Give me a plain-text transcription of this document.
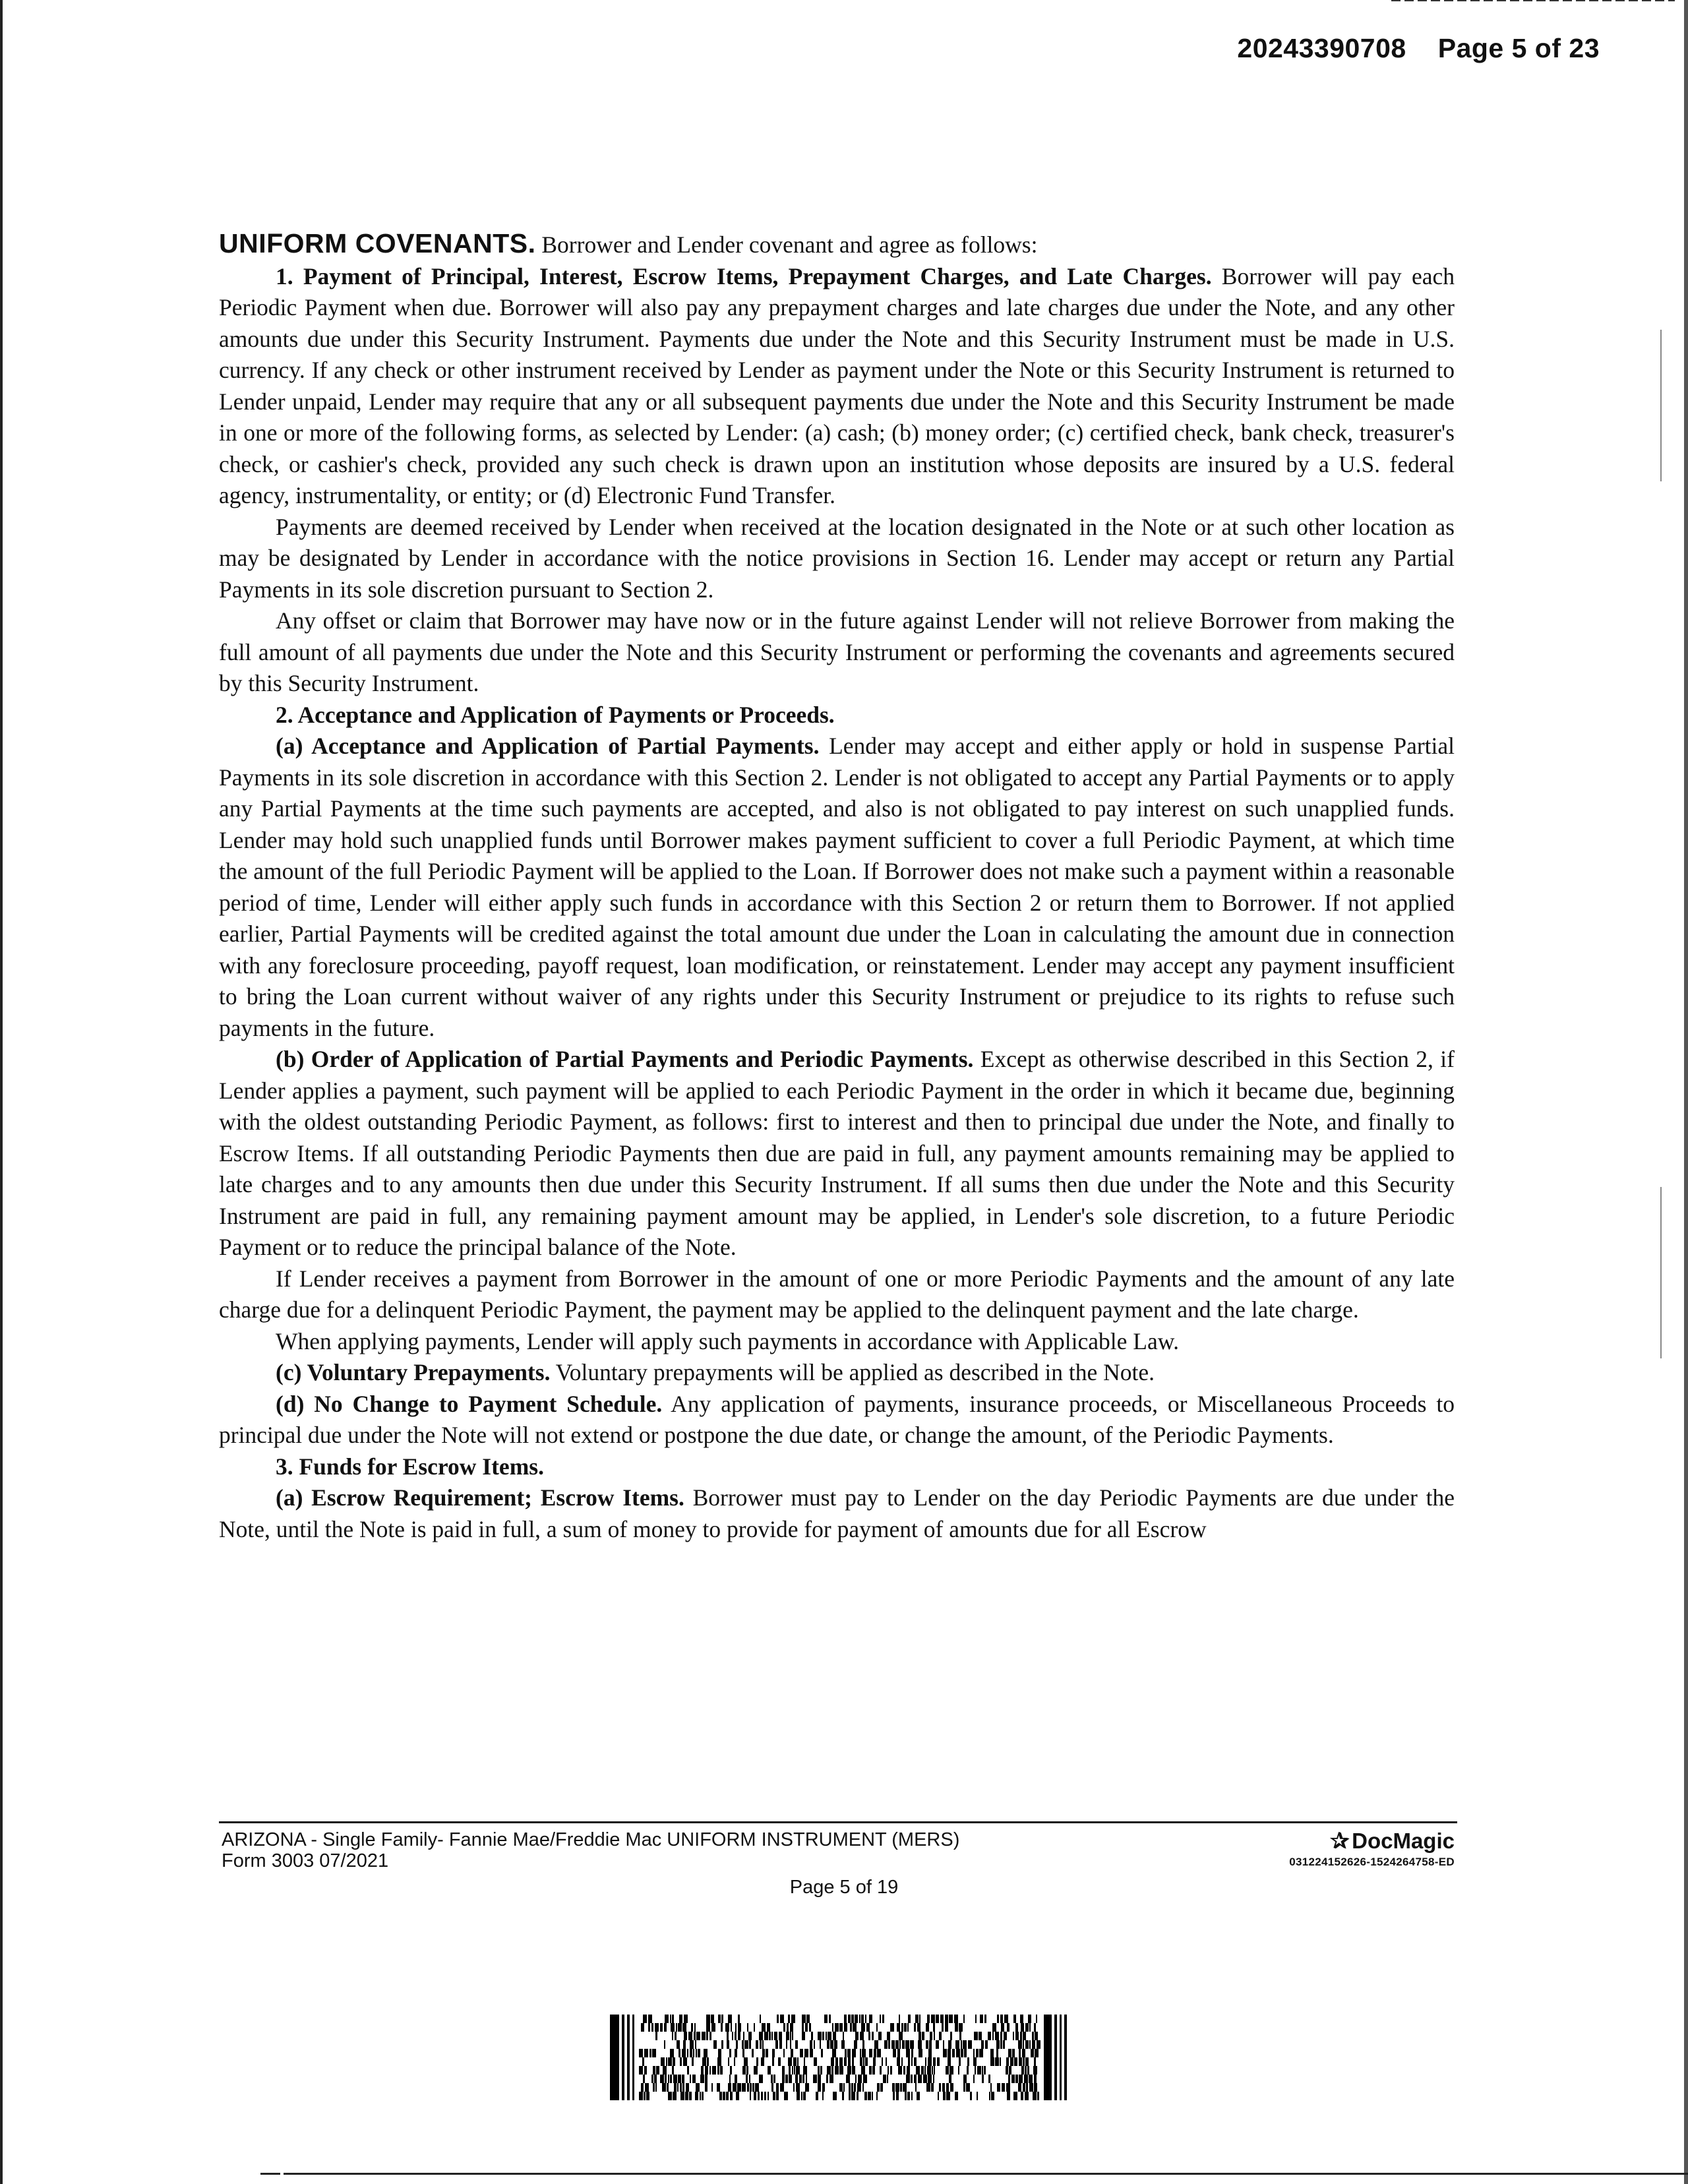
20243390708 Page 5 of 23

UNIFORM COVENANTS. Borrower and Lender covenant and agree as follows:

1. Payment of Principal, Interest, Escrow Items, Prepayment Charges, and Late Charges. Borrower will pay each Periodic Payment when due. Borrower will also pay any prepayment charges and late charges due under the Note, and any other amounts due under this Security Instrument. Payments due under the Note and this Security Instrument must be made in U.S. currency. If any check or other instrument received by Lender as payment under the Note or this Security Instrument is returned to Lender unpaid, Lender may require that any or all subsequent payments due under the Note and this Security Instrument be made in one or more of the following forms, as selected by Lender: (a) cash; (b) money order; (c) certified check, bank check, treasurer's check, or cashier's check, provided any such check is drawn upon an institution whose deposits are insured by a U.S. federal agency, instrumentality, or entity; or (d) Electronic Fund Transfer.

Payments are deemed received by Lender when received at the location designated in the Note or at such other location as may be designated by Lender in accordance with the notice provisions in Section 16. Lender may accept or return any Partial Payments in its sole discretion pursuant to Section 2.

Any offset or claim that Borrower may have now or in the future against Lender will not relieve Borrower from making the full amount of all payments due under the Note and this Security Instrument or performing the covenants and agreements secured by this Security Instrument.

2. Acceptance and Application of Payments or Proceeds.

(a) Acceptance and Application of Partial Payments. Lender may accept and either apply or hold in suspense Partial Payments in its sole discretion in accordance with this Section 2. Lender is not obligated to accept any Partial Payments or to apply any Partial Payments at the time such payments are accepted, and also is not obligated to pay interest on such unapplied funds. Lender may hold such unapplied funds until Borrower makes payment sufficient to cover a full Periodic Payment, at which time the amount of the full Periodic Payment will be applied to the Loan. If Borrower does not make such a payment within a reasonable period of time, Lender will either apply such funds in accordance with this Section 2 or return them to Borrower. If not applied earlier, Partial Payments will be credited against the total amount due under the Loan in calculating the amount due in connection with any foreclosure proceeding, payoff request, loan modification, or reinstatement. Lender may accept any payment insufficient to bring the Loan current without waiver of any rights under this Security Instrument or prejudice to its rights to refuse such payments in the future.

(b) Order of Application of Partial Payments and Periodic Payments. Except as otherwise described in this Section 2, if Lender applies a payment, such payment will be applied to each Periodic Payment in the order in which it became due, beginning with the oldest outstanding Periodic Payment, as follows: first to interest and then to principal due under the Note, and finally to Escrow Items. If all outstanding Periodic Payments then due are paid in full, any payment amounts remaining may be applied to late charges and to any amounts then due under this Security Instrument. If all sums then due under the Note and this Security Instrument are paid in full, any remaining payment amount may be applied, in Lender's sole discretion, to a future Periodic Payment or to reduce the principal balance of the Note.

If Lender receives a payment from Borrower in the amount of one or more Periodic Payments and the amount of any late charge due for a delinquent Periodic Payment, the payment may be applied to the delinquent payment and the late charge.

When applying payments, Lender will apply such payments in accordance with Applicable Law.

(c) Voluntary Prepayments. Voluntary prepayments will be applied as described in the Note.

(d) No Change to Payment Schedule. Any application of payments, insurance proceeds, or Miscellaneous Proceeds to principal due under the Note will not extend or postpone the due date, or change the amount, of the Periodic Payments.

3. Funds for Escrow Items.

(a) Escrow Requirement; Escrow Items. Borrower must pay to Lender on the day Periodic Payments are due under the Note, until the Note is paid in full, a sum of money to provide for payment of amounts due for all Escrow

ARIZONA - Single Family- Fannie Mae/Freddie Mac UNIFORM INSTRUMENT (MERS)
Form 3003 07/2021
Page 5 of 19
✰ DocMagic
031224152626-1524264758-ED
